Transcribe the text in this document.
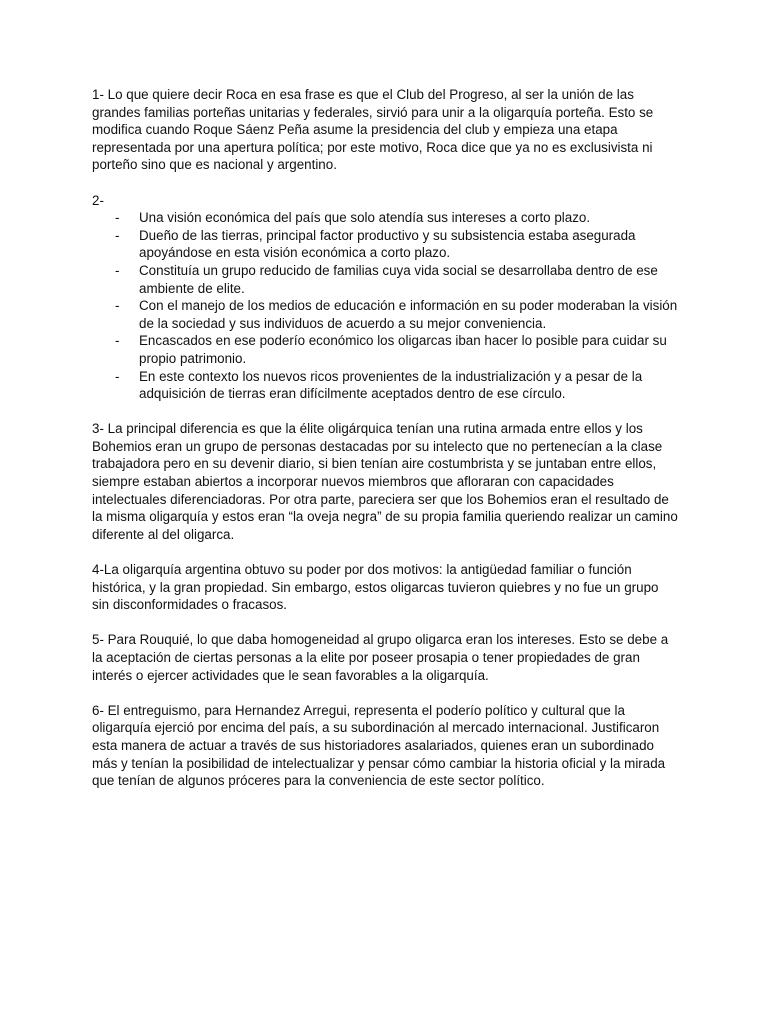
1- Lo que quiere decir Roca en esa frase es que el Club del Progreso, al ser la unión de las grandes familias porteñas unitarias y federales, sirvió para unir a la oligarquía porteña. Esto se modifica cuando Roque Sáenz Peña asume la presidencia del club y empieza una etapa representada por una apertura política; por este motivo, Roca dice que ya no es exclusivista ni porteño sino que es nacional y argentino.

2-

- Una visión económica del país que solo atendía sus intereses a corto plazo.
- Dueño de las tierras, principal factor productivo y su subsistencia estaba asegurada apoyándose en esta visión económica a corto plazo.
- Constituía un grupo reducido de familias cuya vida social se desarrollaba dentro de ese ambiente de elite.
- Con el manejo de los medios de educación e información en su poder moderaban la visión de la sociedad y sus individuos de acuerdo a su mejor conveniencia.
- Encascados en ese poderío económico los oligarcas iban hacer lo posible para cuidar su propio patrimonio.
- En este contexto los nuevos ricos provenientes de la industrialización y a pesar de la adquisición de tierras eran difícilmente aceptados dentro de ese círculo.

3- La principal diferencia es que la élite oligárquica tenían una rutina armada entre ellos y los Bohemios eran un grupo de personas destacadas por su intelecto que no pertenecían a la clase trabajadora pero en su devenir diario, si bien tenían aire costumbrista y se juntaban entre ellos, siempre estaban abiertos a incorporar nuevos miembros que afloraran con capacidades intelectuales diferenciadoras. Por otra parte, pareciera ser que los Bohemios eran el resultado de la misma oligarquía y estos eran “la oveja negra” de su propia familia queriendo realizar un camino diferente al del oligarca.

4-La oligarquía argentina obtuvo su poder por dos motivos: la antigüedad familiar o función histórica, y la gran propiedad. Sin embargo, estos oligarcas tuvieron quiebres y no fue un grupo sin disconformidades o fracasos.

5- Para Rouquié, lo que daba homogeneidad al grupo oligarca eran los intereses. Esto se debe a la aceptación de ciertas personas a la elite por poseer prosapia o tener propiedades de gran interés o ejercer actividades que le sean favorables a la oligarquía.

6- El entreguismo, para Hernandez Arregui, representa el poderío político y cultural que la oligarquía ejerció por encima del país, a su subordinación al mercado internacional. Justificaron esta manera de actuar a través de sus historiadores asalariados, quienes eran un subordinado más y tenían la posibilidad de intelectualizar y pensar cómo cambiar la historia oficial y la mirada que tenían de algunos próceres para la conveniencia de este sector político.
